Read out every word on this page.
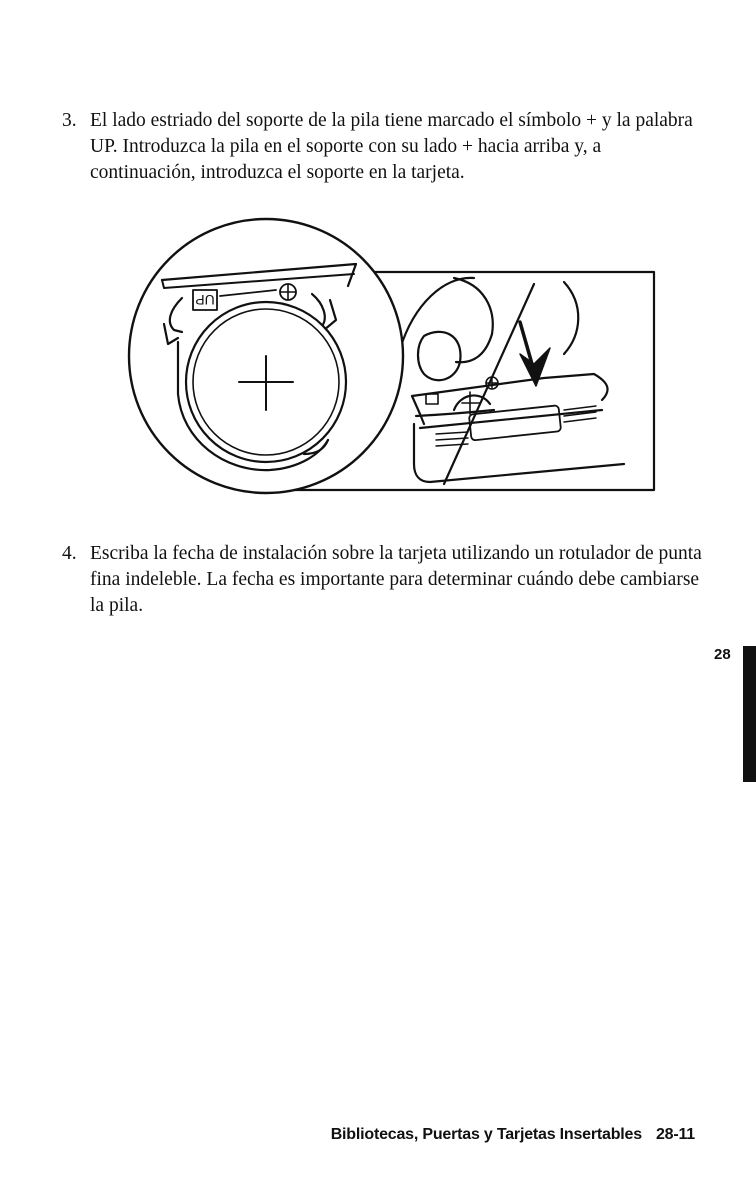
3. El lado estriado del soporte de la pila tiene marcado el símbolo + y la palabra UP. Introduzca la pila en el soporte con su lado + hacia arriba y, a continuación, introduzca el soporte en la tarjeta.
UP
4. Escriba la fecha de instalación sobre la tarjeta utilizando un rotulador de punta fina indeleble. La fecha es importante para determinar cuándo debe cambiarse la pila.
28
Bibliotecas, Puertas y Tarjetas Insertables 28-11
